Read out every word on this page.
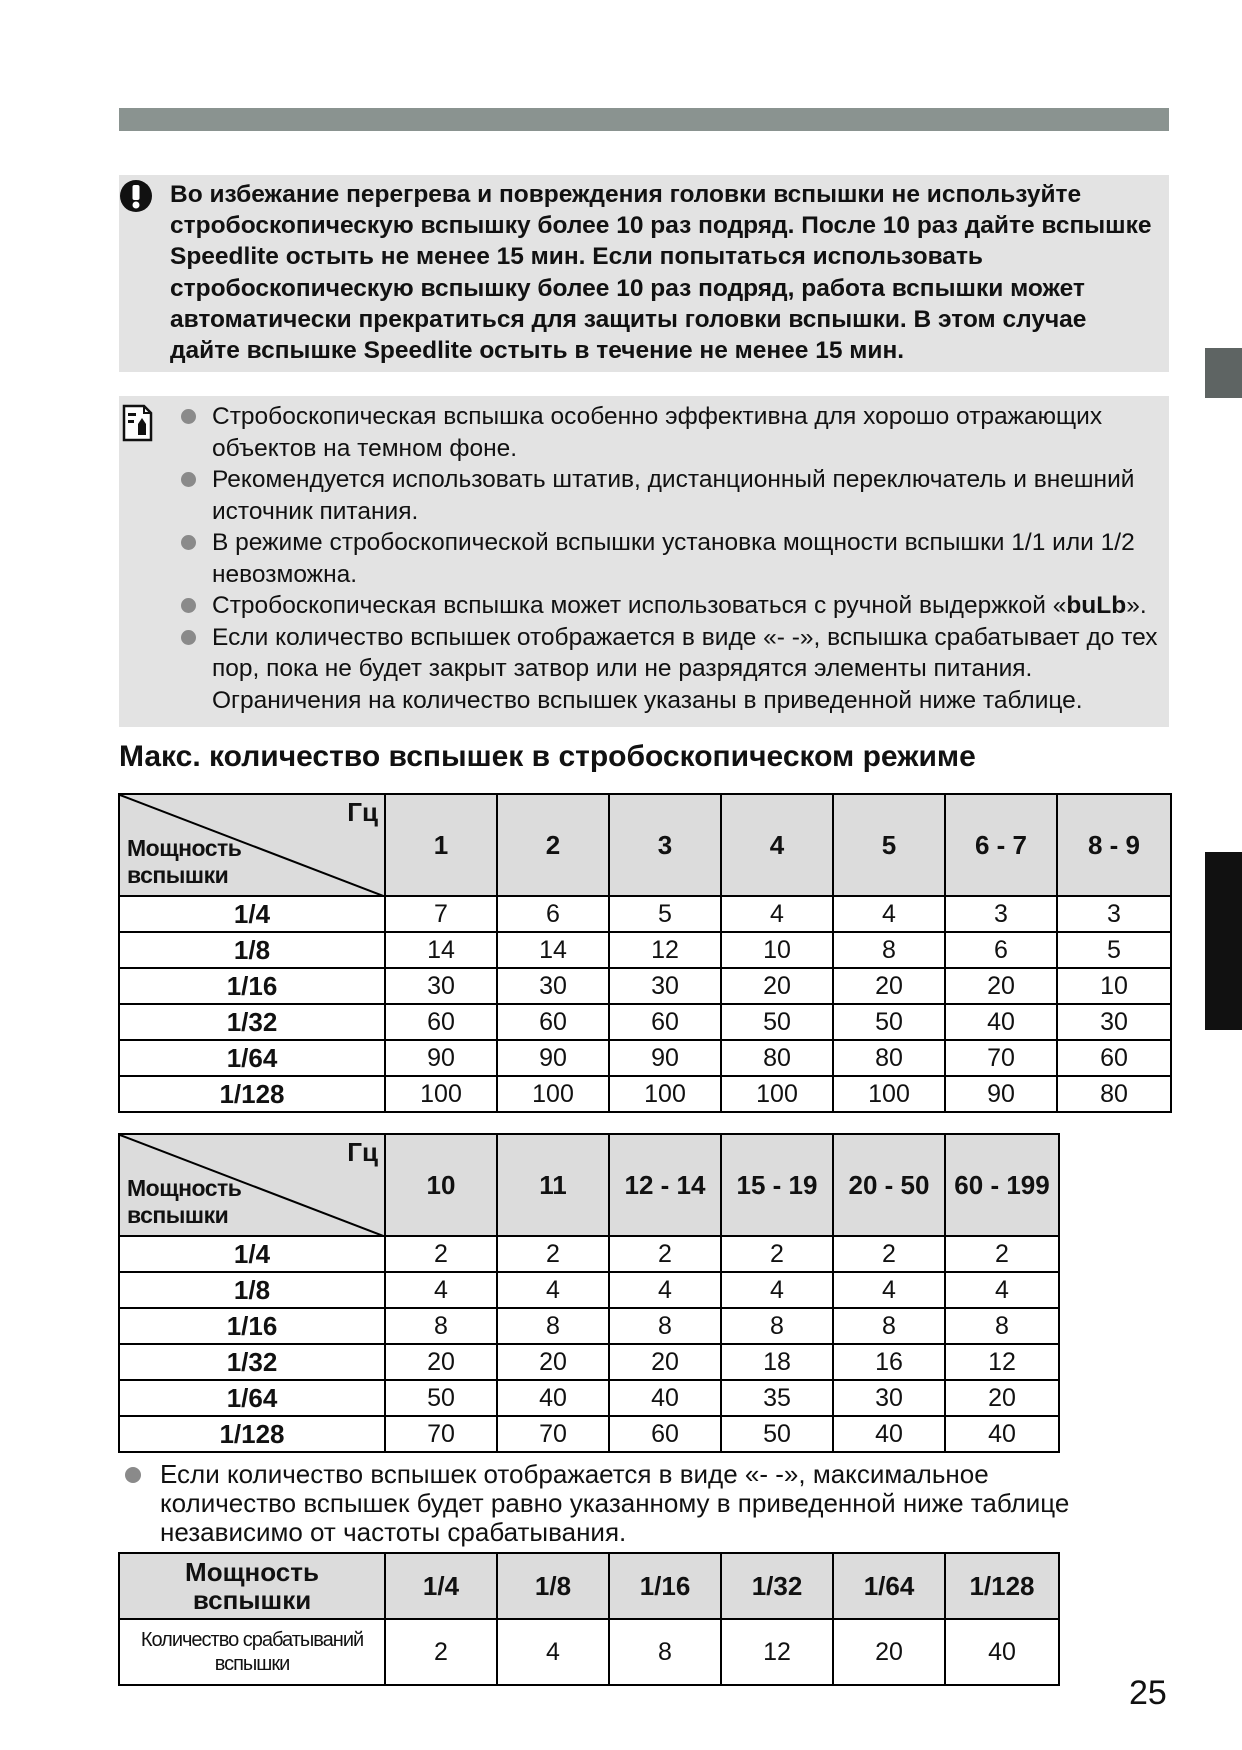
Во избежание перегрева и повреждения головки вспышки не используйте стробоскопическую вспышку более 10 раз подряд. После 10 раз дайте вспышке Speedlite остыть не менее 15 мин. Если попытаться использовать стробоскопическую вспышку более 10 раз подряд, работа вспышки может автоматически прекратиться для защиты головки вспышки. В этом случае дайте вспышке Speedlite остыть в течение не менее 15 мин.
Стробоскопическая вспышка особенно эффективна для хорошо отражающих объектов на темном фоне.
Рекомендуется использовать штатив, дистанционный переключатель и внешний источник питания.
В режиме стробоскопической вспышки установка мощности вспышки 1/1 или 1/2 невозможна.
Стробоскопическая вспышка может использоваться с ручной выдержкой «buLb».
Если количество вспышек отображается в виде «- -», вспышка срабатывает до тех пор, пока не будет закрыт затвор или не разрядятся элементы питания. Ограничения на количество вспышек указаны в приведенной ниже таблице.
Макс. количество вспышек в стробоскопическом режиме
Гц
Мощность
вспышки	1	2	3	4	5	6 - 7	8 - 9
1/4	7	6	5	4	4	3	3
1/8	14	14	12	10	8	6	5
1/16	30	30	30	20	20	20	10
1/32	60	60	60	50	50	40	30
1/64	90	90	90	80	80	70	60
1/128	100	100	100	100	100	90	80
Гц
Мощность
вспышки	10	11	12 - 14	15 - 19	20 - 50	60 - 199
1/4	2	2	2	2	2	2
1/8	4	4	4	4	4	4
1/16	8	8	8	8	8	8
1/32	20	20	20	18	16	12
1/64	50	40	40	35	30	20
1/128	70	70	60	50	40	40
Если количество вспышек отображается в виде «- -», максимальное количество вспышек будет равно указанному в приведенной ниже таблице независимо от частоты срабатывания.
Мощность
вспышки	1/4	1/8	1/16	1/32	1/64	1/128
Количество срабатываний
вспышки	2	4	8	12	20	40
25
